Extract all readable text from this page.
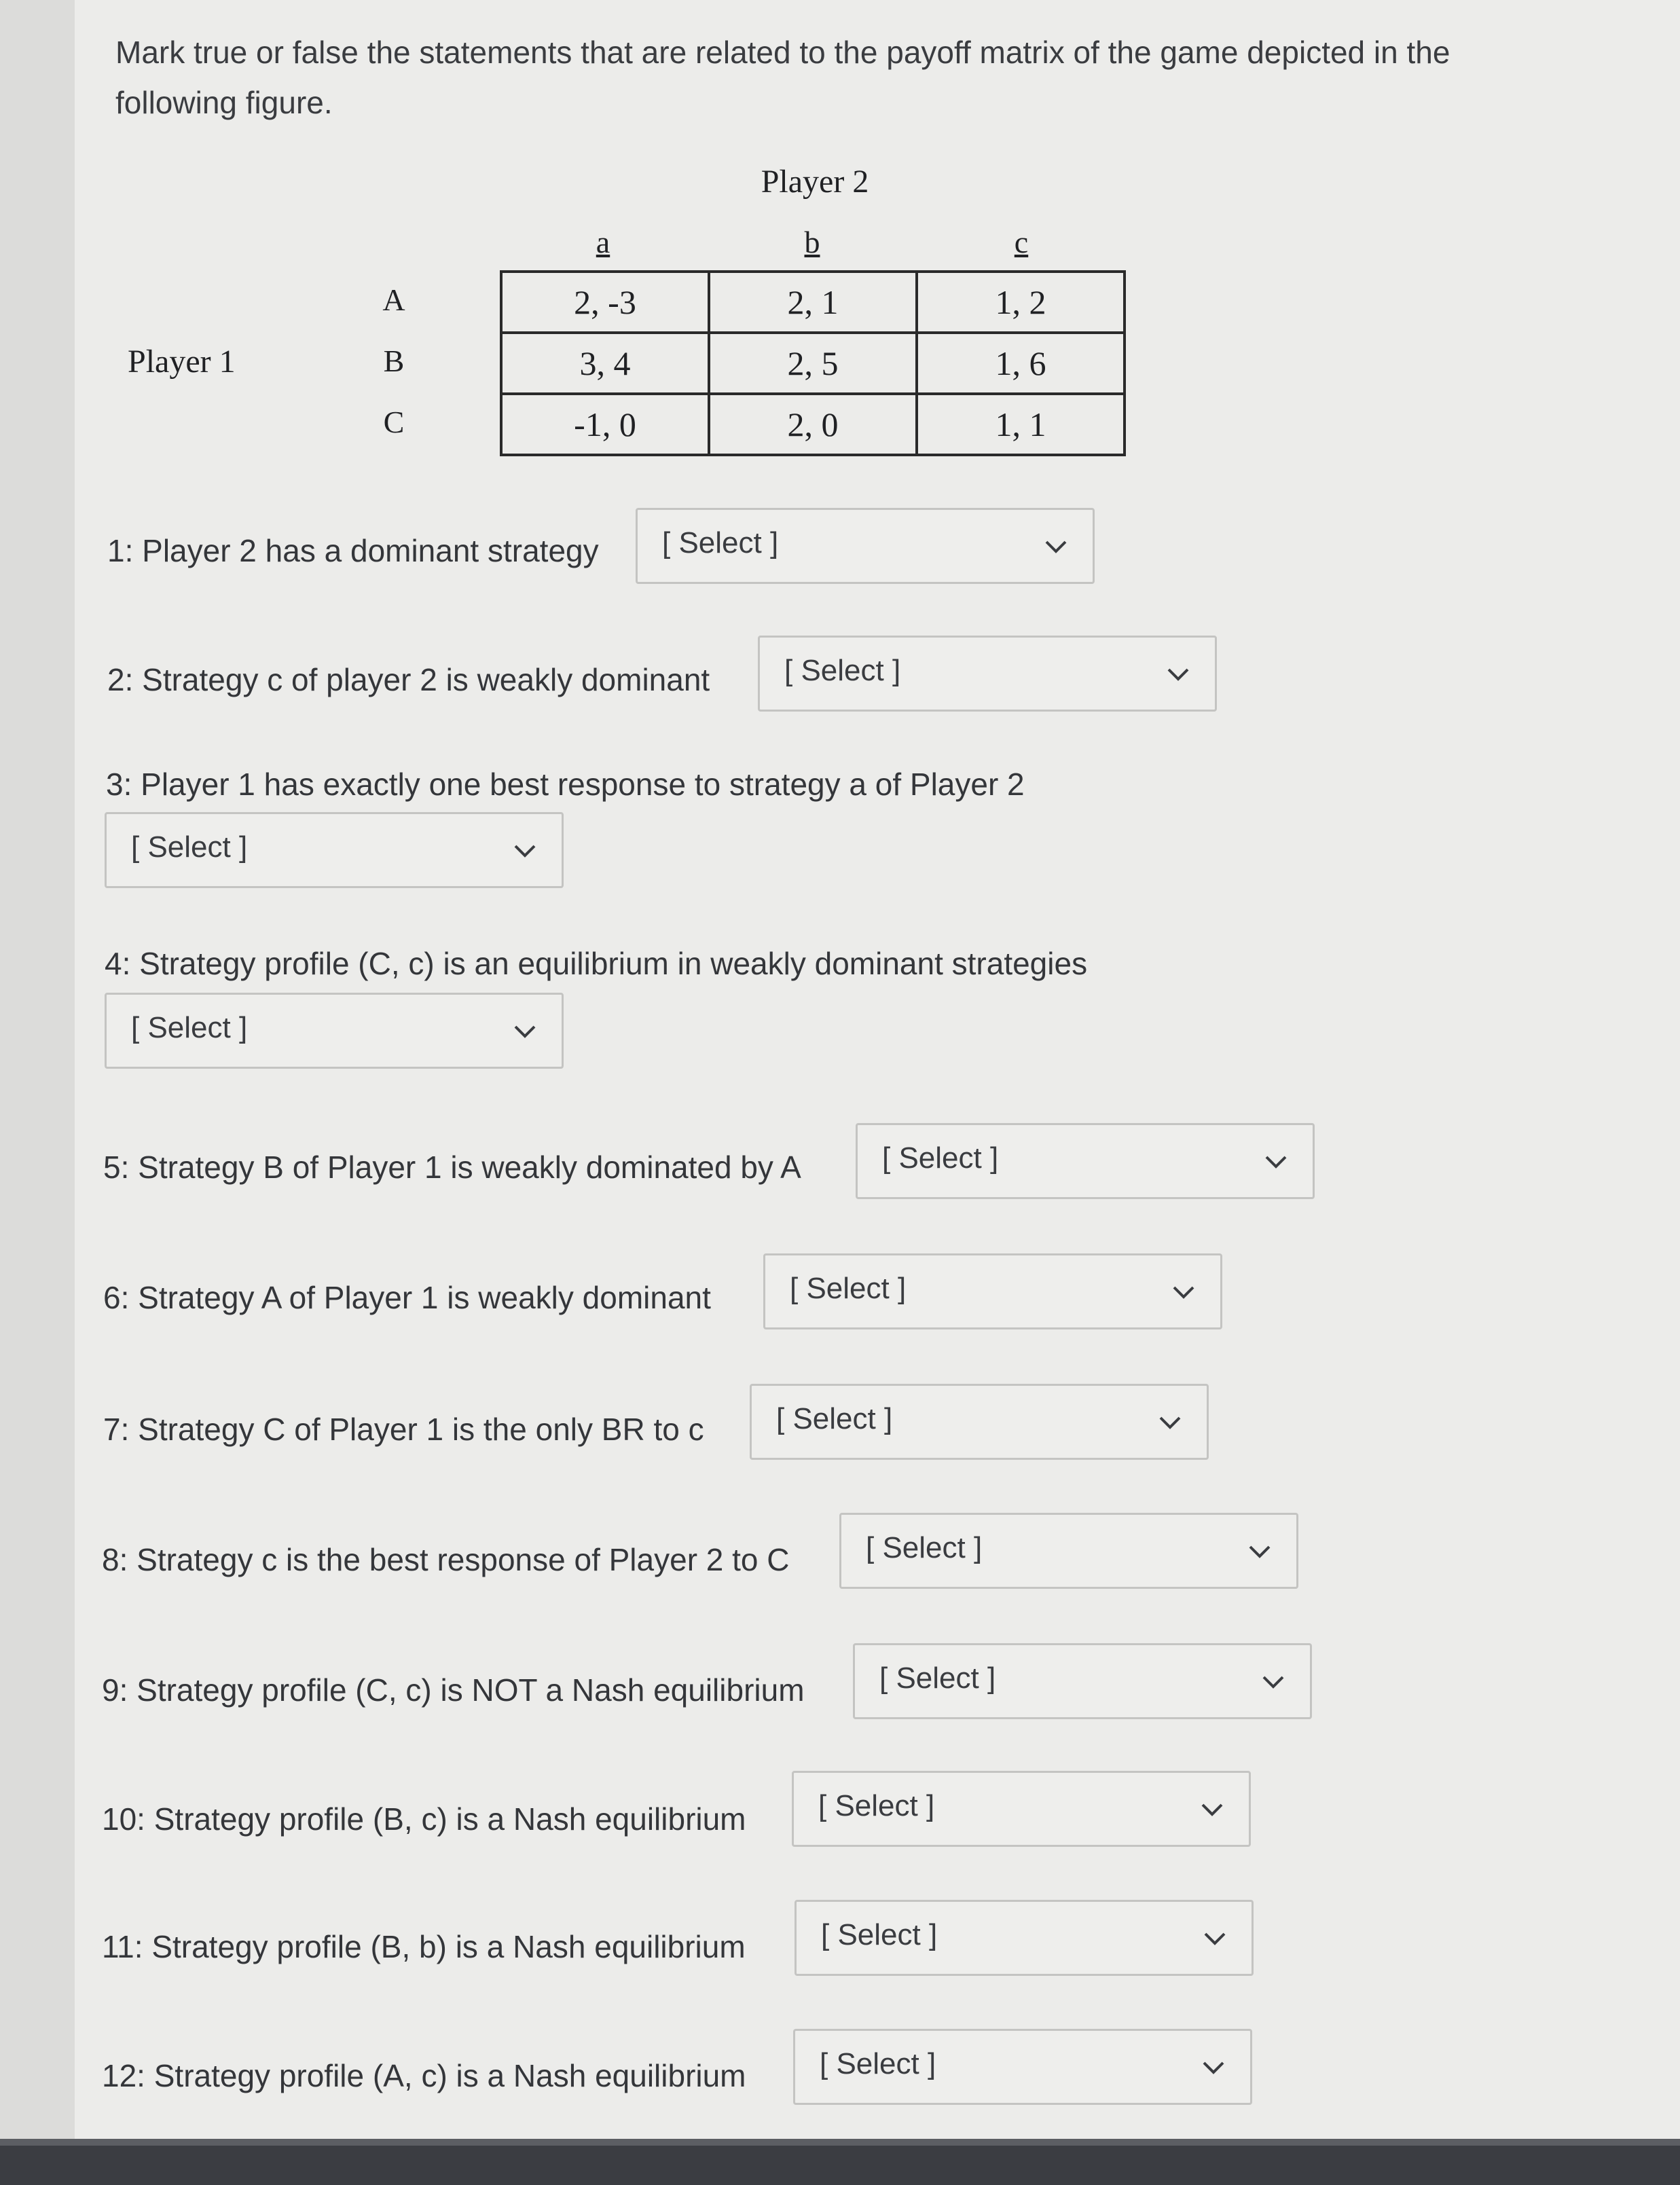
Mark true or false the statements that are related to the payoff matrix of the game depicted in the following figure.
Player 2
a	b	c
Player 1
A
B
C
2, -3	2, 1	1, 2
3, 4	2, 5	1, 6
-1, 0	2, 0	1, 1
1: Player 2 has a dominant strategy [ Select ]
2: Strategy c of player 2 is weakly dominant [ Select ]
3: Player 1 has exactly one best response to strategy a of Player 2
[ Select ]
4: Strategy profile (C, c) is an equilibrium in weakly dominant strategies
[ Select ]
5: Strategy B of Player 1 is weakly dominated by A	[ Select ]
6: Strategy A of Player 1 is weakly dominant	[ Select ]
7: Strategy C of Player 1 is the only BR to c [ Select ]
8: Strategy c is the best response of Player 2 to C	[ Select ]
9: Strategy profile (C, c) is NOT a Nash equilibrium	[ Select ]
10: Strategy profile (B, c) is a Nash equilibrium [ Select ]
11: Strategy profile (B, b) is a Nash equilibrium	[ Select ]
12: Strategy profile (A, c) is a Nash equilibrium [ Select ]
